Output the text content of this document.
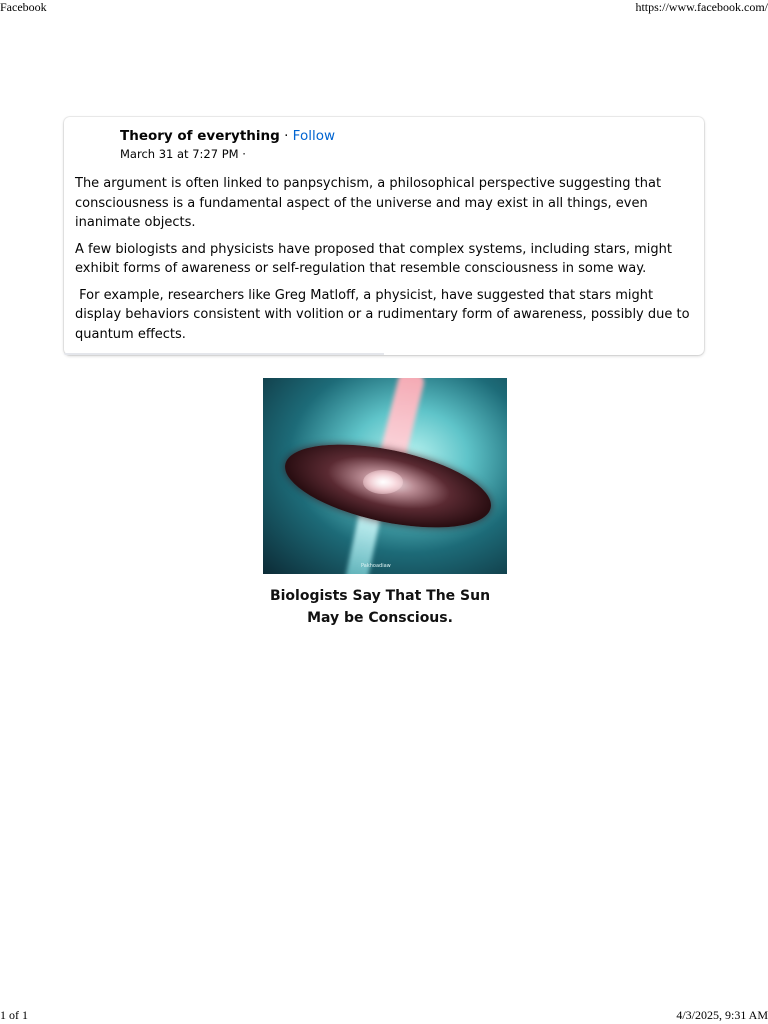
Facebook	https://www.facebook.com/
Theory of everything · Follow
March 31 at 7:27 PM ·

The argument is often linked to panpsychism, a philosophical perspective suggesting that consciousness is a fundamental aspect of the universe and may exist in all things, even inanimate objects.

A few biologists and physicists have proposed that complex systems, including stars, might exhibit forms of awareness or self-regulation that resemble consciousness in some way.

For example, researchers like Greg Matloff, a physicist, have suggested that stars might display behaviors consistent with volition or a rudimentary form of awareness, possibly due to quantum effects.

Pakhoadiaw
Biologists Say That The Sun
May be Conscious.
1 of 1	4/3/2025, 9:31 AM
